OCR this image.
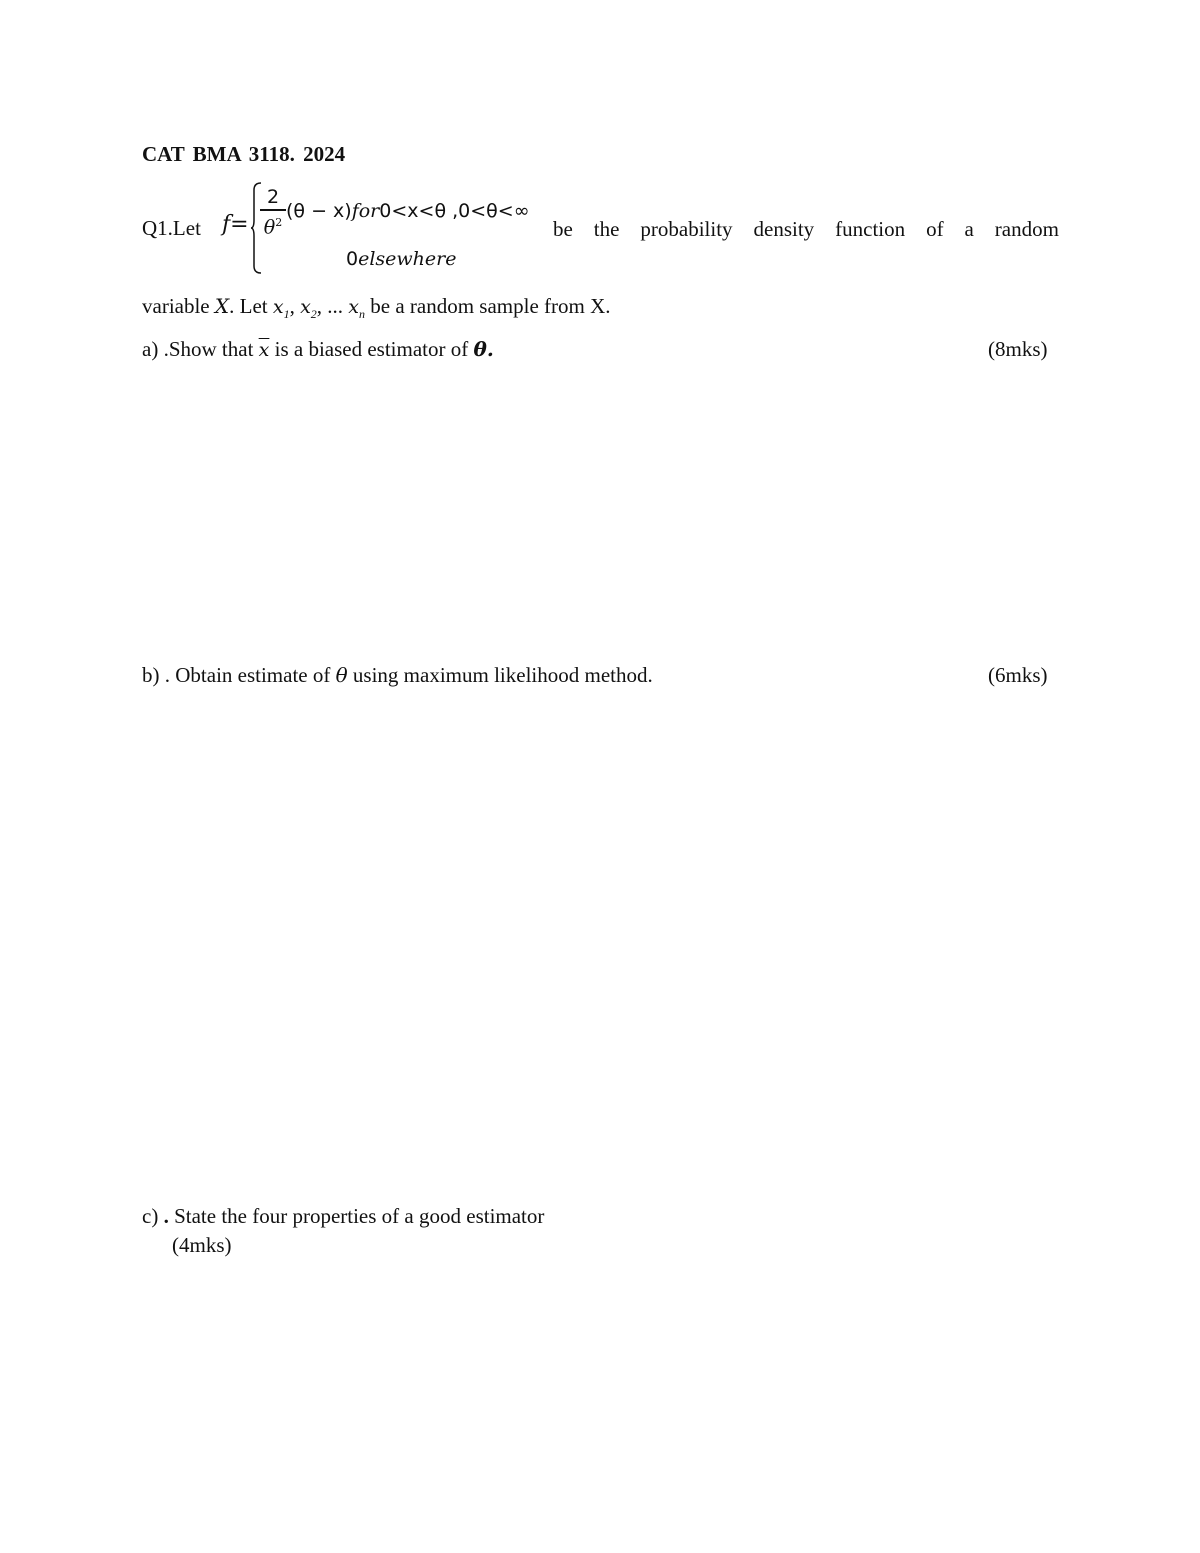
CAT BMA 3118. 2024
Q1.Let f=
2
$\theta^2$ (θ − x)for0<x<θ ,0<θ<∞
0elsewhere
be the probability density function of a random
variable X. Let $x_1$, $x_2$, ... $x_n$ be a random sample from X.
a) .Show that $\overline{x}$ is a biased estimator of θ.	(8mks)
b) . Obtain estimate of θ using maximum likelihood method.	(6mks)
c) . State the four properties of a good estimator
(4mks)
